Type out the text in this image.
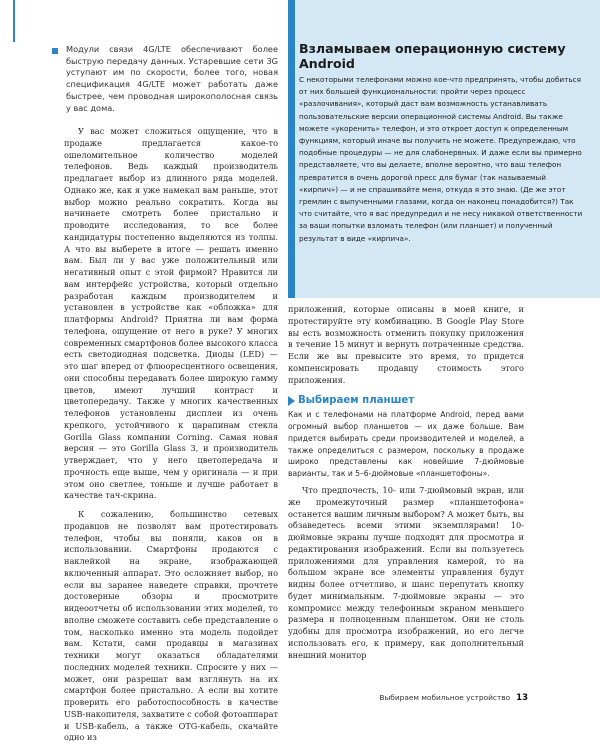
Модули связи 4G/LTE обеспечивают более быструю передачу данных. Устаревшие сети 3G уступают им по скорости, более того, новая спецификация 4G/LTE может работать даже быстрее, чем проводная широкополосная связь у вас дома.

У вас может сложиться ощущение, что в продаже предлагается какое-то ошеломительное количество моделей телефонов. Ведь каждый производитель предлагает выбор из длинного ряда моделей. Однако же, как я уже намекал вам раньше, этот выбор можно реально сократить. Когда вы начинаете смотреть более пристально и проводите исследования, то все более кандидатуры постепенно выделяются из толпы. А что вы выберете в итоге — решать именно вам. Был ли у вас уже положительный или негативный опыт с этой фирмой? Нравится ли вам интерфейс устройства, который отдельно разработан каждым производителем и установлен в устройстве как «обложка» для платформы Android? Приятна ли вам форма телефона, ощущение от него в руке? У многих современных смартфонов более высокого класса есть светодиодная подсветка. Диоды (LED) — это шаг вперед от флюоресцентного освещения, они способны передавать более широкую гамму цветов, имеют лучший контраст и цветопередачу. Также у многих качественных телефонов установлены дисплеи из очень крепкого, устойчивого к царапинам стекла Gorilla Glass компании Corning. Самая новая версия — это Gorilla Glass 3, и производитель утверждает, что у него цветопередача и прочность еще выше, чем у оригинала — и при этом оно светлее, тоньше и лучше работает в качестве тач-скрина.

К сожалению, большинство сетевых продавцов не позволят вам протестировать телефон, чтобы вы поняли, каков он в использовании. Смартфоны продаются с наклейкой на экране, изображающей включенный аппарат. Это осложняет выбор, но если вы заранее наведете справки, прочтете достоверные обзоры и просмотрите видеоотчеты об использовании этих моделей, то вполне сможете составить себе представление о том, насколько именно эта модель подойдет вам. Кстати, сами продавцы в магазинах техники могут оказаться обладателями последних моделей техники. Спросите у них — может, они разрешат вам взглянуть на их смартфон более пристально. А если вы хотите проверить его работоспособность в качестве USB-накопителя, захватите с собой фотоаппарат и USB-кабель, а также OTG-кабель, скачайте одно из

Взламываем операционную систему Android

С некоторыми телефонами можно кое-что предпринять, чтобы добиться от них большей функциональности: пройти через процесс «разлочивания», который даст вам возможность устанавливать пользовательские версии операционной системы Android. Вы также можете «укоренить» телефон, и это откроет доступ к определенным функциям, который иначе вы получить не можете. Предупреждаю, что подобные процедуры — не для слабонервных. И даже если вы примерно представляете, что вы делаете, вполне вероятно, что ваш телефон превратится в очень дорогой пресс для бумаг (так называемый «кирпич») — и не спрашивайте меня, откуда я это знаю. (Де же этот гремлин с выпученными глазами, когда он наконец понадобится?) Так что считайте, что я вас предупредил и не несу никакой ответственности за ваши попытки взломать телефон (или планшет) и полученный результат в виде «кирпича».

приложений, которые описаны в моей книге, и протестируйте эту комбинацию. В Google Play Store вы есть возможность отменить покупку приложения в течение 15 минут и вернуть потраченные средства. Если же вы превысите это время, то придется компенсировать продавцу стоимость этого приложения.

Выбираем планшет

Как и с телефонами на платформе Android, перед вами огромный выбор планшетов — их даже больше. Вам придется выбирать среди производителей и моделей, а также определиться с размером, поскольку в продаже широко представлены как новейшие 7-дюймовые варианты, так и 5–6-дюймовые «планшетофоны».

Что предпочесть, 10- или 7-дюймовый экран, или же промежуточный размер «планшетофона» останется вашим личным выбором? А может быть, вы обзаведетесь всеми этими экземплярами! 10-дюймовые экраны лучше подходят для просмотра и редактирования изображений. Если вы пользуетесь приложениями для управления камерой, то на большом экране все элементы управления будут видны более отчетливо, и шанс перепутать кнопку будет минимальным. 7-дюймовые экраны — это компромисс между телефонным экраном меньшего размера и полноценным планшетом. Они не столь удобны для просмотра изображений, но его легче использовать его, к примеру, как дополнительный внешний монитор

Выбираем мобильное устройство 13
